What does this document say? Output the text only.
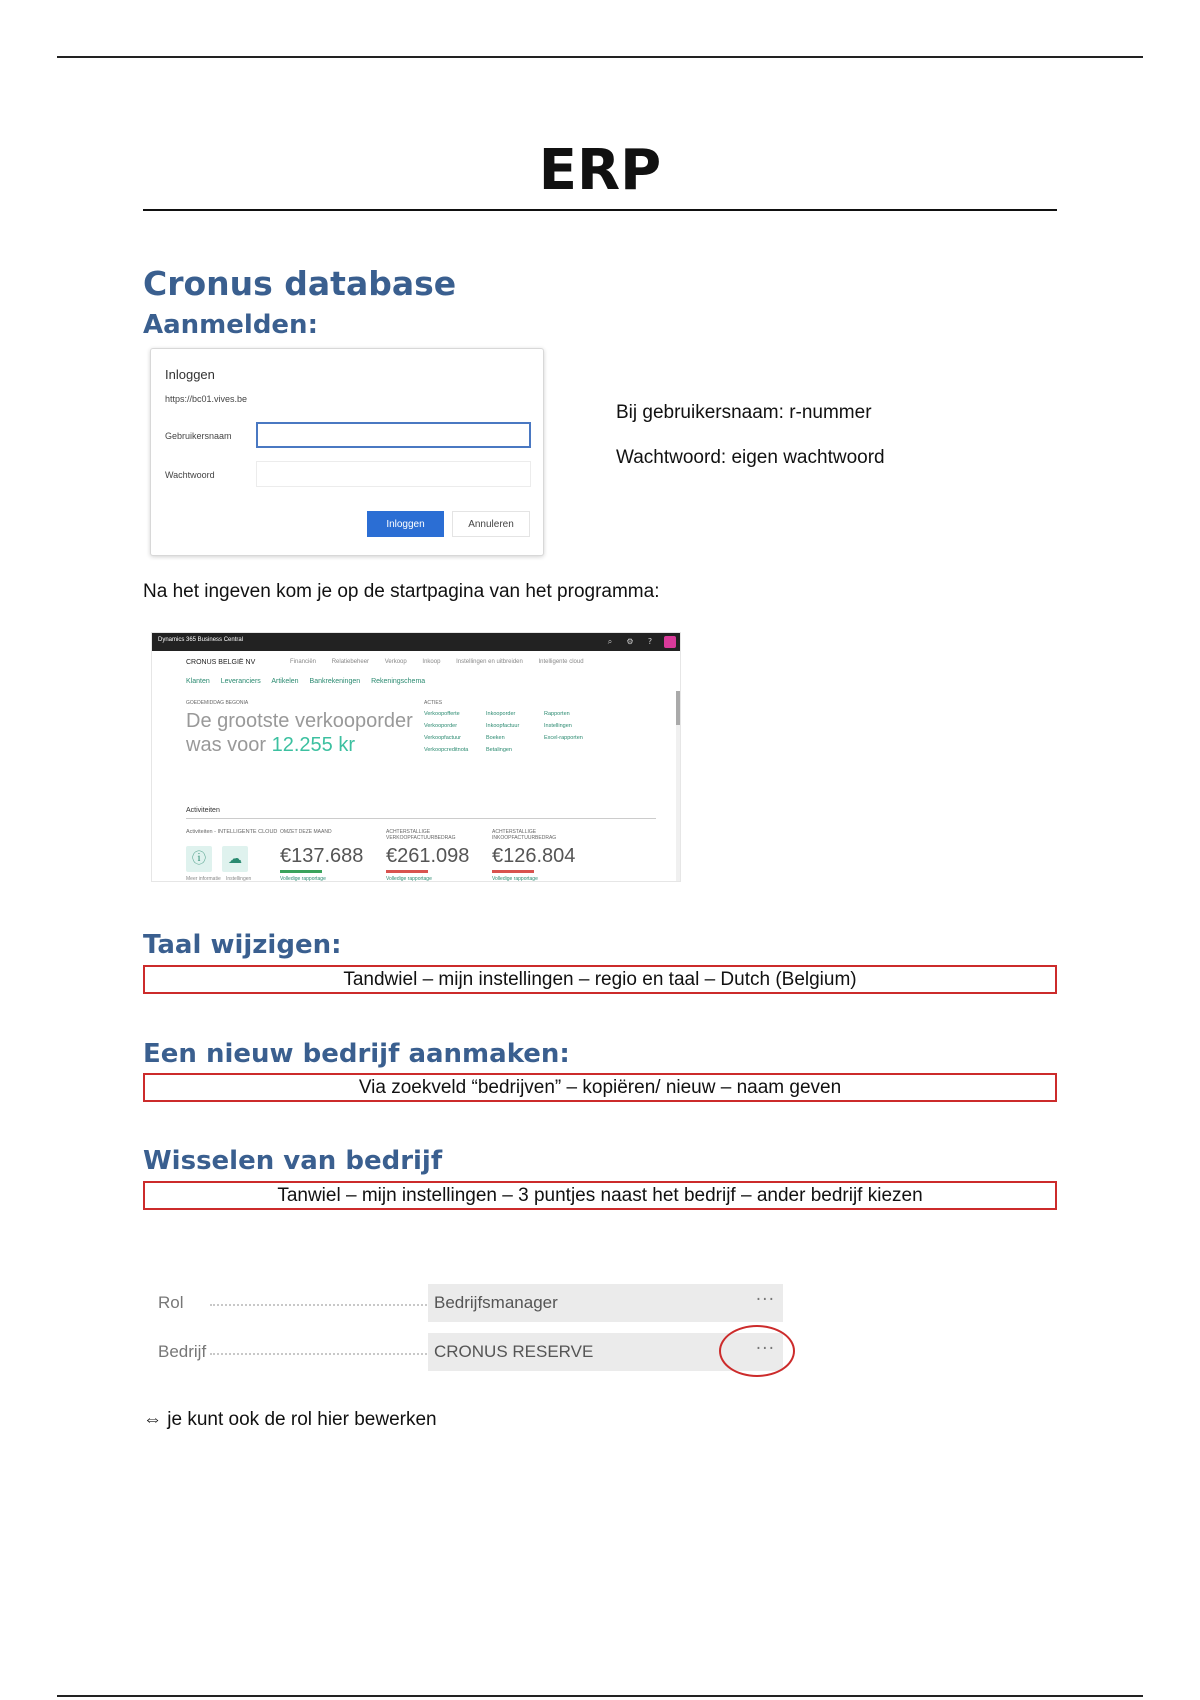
ERP
Cronus database
Aanmelden:
Inloggen
https://bc01.vives.be
Gebruikersnaam
Wachtwoord
Inloggen	Annuleren
Bij gebruikersnaam: r-nummer
Wachtwoord: eigen wachtwoord
Na het ingeven kom je op de startpagina van het programma:
Dynamics 365 Business Central	⌕	⚙	?
CRONUS BELGIË NV	Financiën	Relatiebeheer	Verkoop	Inkoop	Instellingen en uitbreiden	Intelligente cloud
Klanten Leveranciers Artikelen Bankrekeningen Rekeningschema
GOEDEMIDDAG BEGONIA
De grootste verkooporder was voor 12.255 kr
ACTIES
Verkoopofferte	Inkooporder	Rapporten
Verkooporder	Inkoopfactuur	Instellingen
Verkoopfactuur	Boeken	Excel-rapporten
Verkoopcreditnota	Betalingen
Activiteiten
Activiteiten - INTELLIGENTE CLOUD
ⓘ	☁
Meer informatie Instellingen
OMZET DEZE MAAND
€137.688
Volledige rapportage
ACHTERSTALLIGE VERKOOPFACTUURBEDRAG
€261.098
Volledige rapportage
ACHTERSTALLIGE INKOOPFACTUURBEDRAG
€126.804
Volledige rapportage
Taal wijzigen:
Tandwiel – mijn instellingen – regio en taal – Dutch (Belgium)
Een nieuw bedrijf aanmaken:
Via zoekveld “bedrijven” – kopiëren/ nieuw – naam geven
Wisselen van bedrijf
Tanwiel – mijn instellingen – 3 puntjes naast het bedrijf – ander bedrijf kiezen
Rol	Bedrijfsmanager	···
Bedrijf	CRONUS RESERVE	···
⇔ je kunt ook de rol hier bewerken
